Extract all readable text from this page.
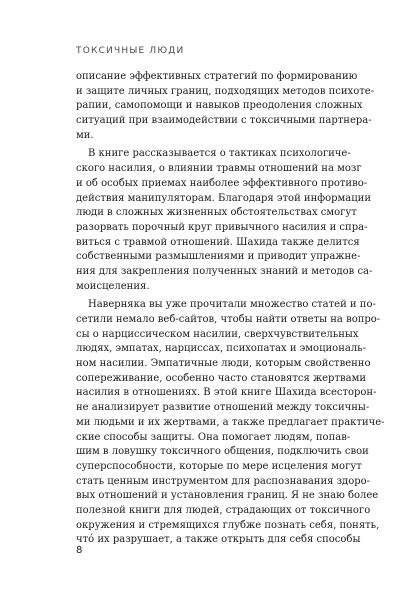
ТОКСИЧНЫЕ ЛЮДИ
описание эффективных стратегий по формированию
и защите личных границ, подходящих методов психоте-
рапии, самопомощи и навыков преодоления сложных
ситуаций при взаимодействии с токсичными партнера-
ми.
В книге рассказывается о тактиках психологиче-
ского насилия, о влиянии травмы отношений на мозг
и об особых приемах наиболее эффективного противо-
действия манипуляторам. Благодаря этой информации
люди в сложных жизненных обстоятельствах смогут
разорвать порочный круг привычного насилия и спра-
виться с травмой отношений. Шахида также делится
собственными размышлениями и приводит упражне-
ния для закрепления полученных знаний и методов са-
моисцеления.
Наверняка вы уже прочитали множество статей и по-
сетили немало веб-сайтов, чтобы найти ответы на вопро-
сы о нарциссическом насилии, сверхчувствительных
людях, эмпатах, нарциссах, психопатах и эмоциональ-
ном насилии. Эмпатичные люди, которым свойственно
сопереживание, особенно часто становятся жертвами
насилия в отношениях. В этой книге Шахида всесторон-
не анализирует развитие отношений между токсичны-
ми людьми и их жертвами, а также предлагает практиче-
ские способы защиты. Она помогает людям, попав-
шим в ловушку токсичного общения, подключить свои
суперспособности, которые по мере исцеления могут
стать ценным инструментом для распознавания здоро-
вых отношений и установления границ. Я не знаю более
полезной книги для людей, страдающих от токсичного
окружения и стремящихся глубже познать себя, понять,
что́ их разрушает, а также открыть для себя способы
8
